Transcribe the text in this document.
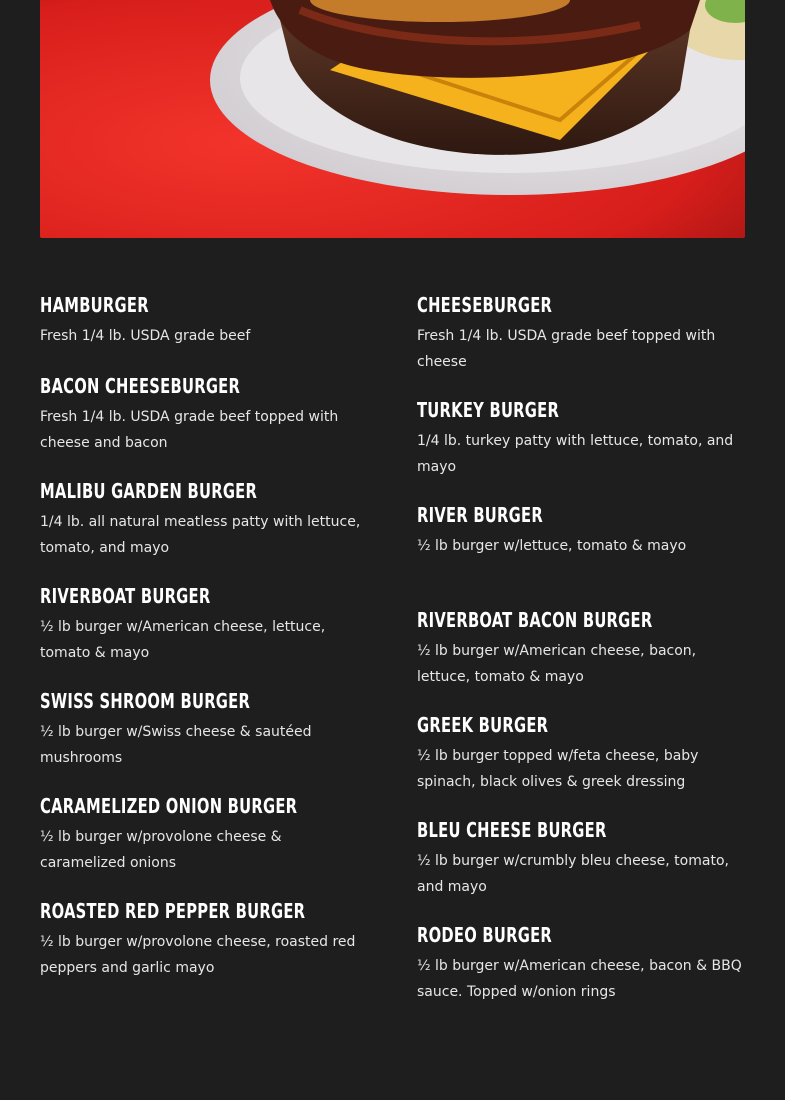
HAMBURGER

Fresh 1/4 lb. USDA grade beef

BACON CHEESEBURGER

Fresh 1/4 lb. USDA grade beef topped with cheese and bacon

MALIBU GARDEN BURGER

1/4 lb. all natural meatless patty with lettuce, tomato, and mayo

RIVERBOAT BURGER

½ lb burger w/American cheese, lettuce, tomato & mayo

SWISS SHROOM BURGER

½ lb burger w/Swiss cheese & sautéed mushrooms

CARAMELIZED ONION BURGER

½ lb burger w/provolone cheese & caramelized onions

ROASTED RED PEPPER BURGER

½ lb burger w/provolone cheese, roasted red peppers and garlic mayo

CHEESEBURGER

Fresh 1/4 lb. USDA grade beef topped with cheese

TURKEY BURGER

1/4 lb. turkey patty with lettuce, tomato, and mayo

RIVER BURGER

½ lb burger w/lettuce, tomato & mayo

RIVERBOAT BACON BURGER

½ lb burger w/American cheese, bacon, lettuce, tomato & mayo

GREEK BURGER

½ lb burger topped w/feta cheese, baby spinach, black olives & greek dressing

BLEU CHEESE BURGER

½ lb burger w/crumbly bleu cheese, tomato, and mayo

RODEO BURGER

½ lb burger w/American cheese, bacon & BBQ sauce. Topped w/onion rings
